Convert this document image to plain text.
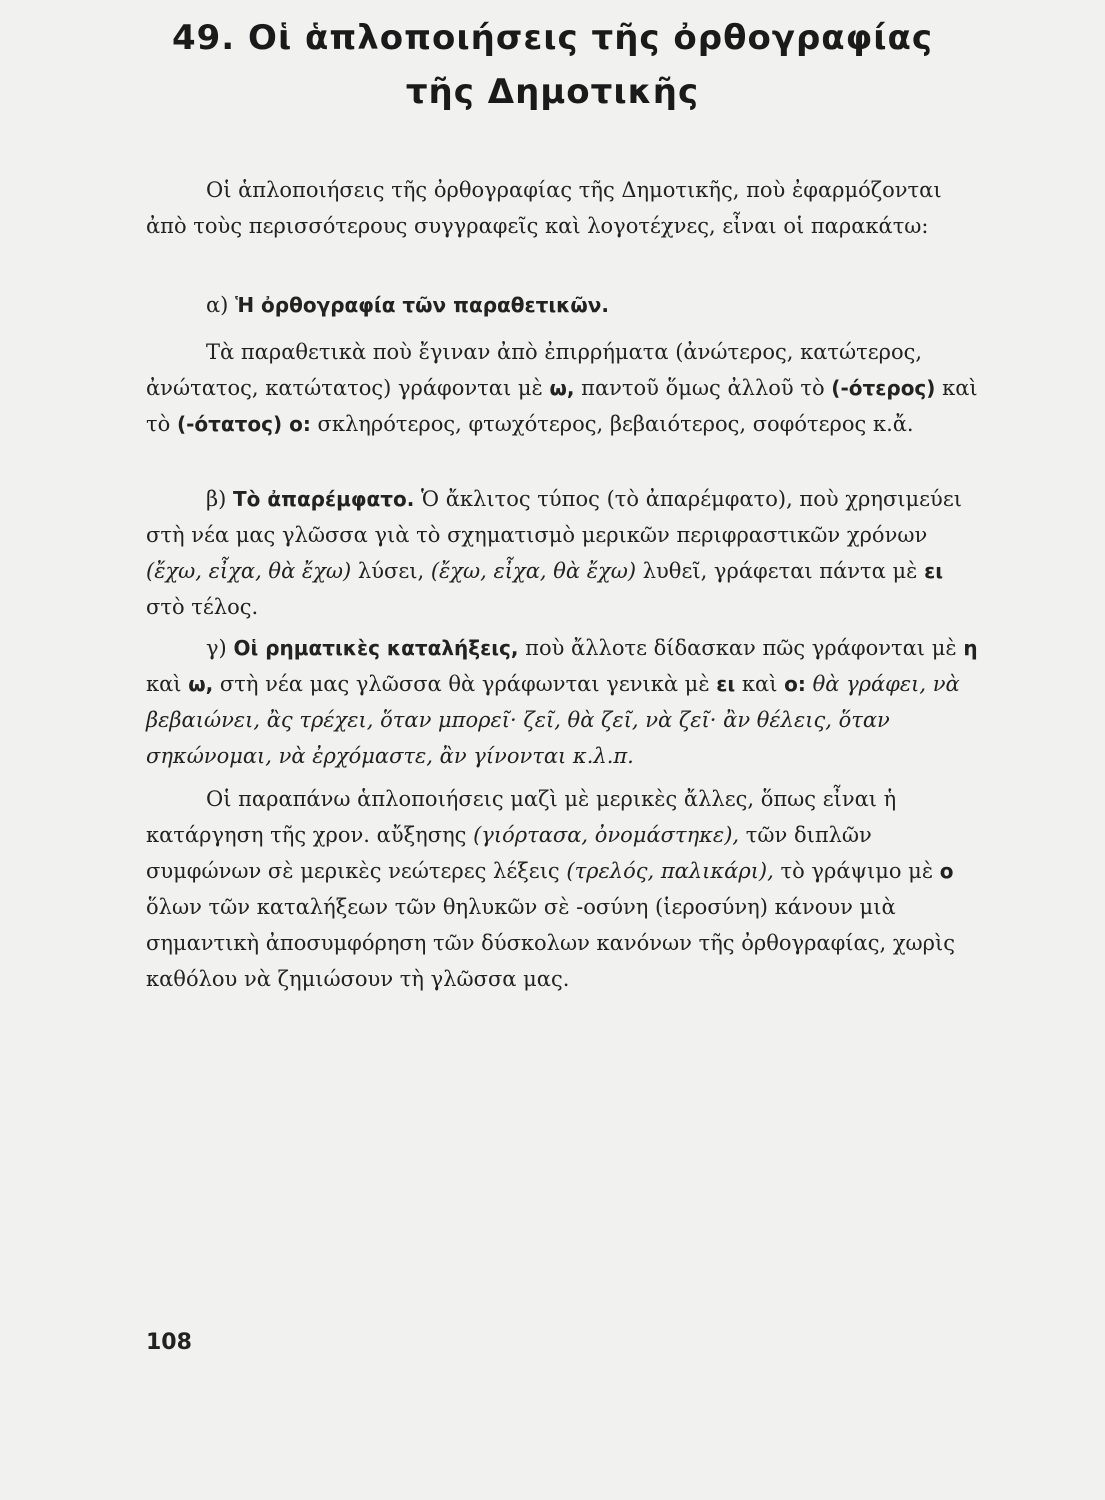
49. Οἱ ἁπλοποιήσεις τῆς ὀρθογραφίας
τῆς Δημοτικῆς

Οἱ ἁπλοποιήσεις τῆς ὀρθογραφίας τῆς Δημοτικῆς, ποὺ ἐφαρμόζονται ἀπὸ τοὺς περισσότερους συγγραφεῖς καὶ λογοτέχνες, εἶναι οἱ παρακάτω:

α) Ἡ ὀρθογραφία τῶν παραθετικῶν.

Τὰ παραθετικὰ ποὺ ἔγιναν ἀπὸ ἐπιρρήματα (ἀνώτερος, κατώτερος, ἀνώτατος, κατώτατος) γράφονται μὲ ω, παντοῦ ὅμως ἀλλοῦ τὸ (-ότερος) καὶ τὸ (-ότατος) ο: σκληρότερος, φτωχότερος, βεβαιότερος, σοφότερος κ.ἄ.

β) Τὸ ἀπαρέμφατο. Ὁ ἄκλιτος τύπος (τὸ ἀπαρέμφατο), ποὺ χρησιμεύει στὴ νέα μας γλῶσσα γιὰ τὸ σχηματισμὸ μερικῶν περιφραστικῶν χρόνων (ἔχω, εἶχα, θὰ ἔχω) λύσει, (ἔχω, εἶχα, θὰ ἔχω) λυθεῖ, γράφεται πάντα μὲ ει στὸ τέλος.

γ) Οἱ ρηματικὲς καταλήξεις, ποὺ ἄλλοτε δίδασκαν πῶς γράφονται μὲ η καὶ ω, στὴ νέα μας γλῶσσα θὰ γράφωνται γενικὰ μὲ ει καὶ ο: θὰ γράφει, νὰ βεβαιώνει, ἂς τρέχει, ὅταν μπορεῖ· ζεῖ, θὰ ζεῖ, νὰ ζεῖ· ἂν θέλεις, ὅταν σηκώνομαι, νὰ ἐρχόμαστε, ἂν γίνονται κ.λ.π.

Οἱ παραπάνω ἁπλοποιήσεις μαζὶ μὲ μερικὲς ἄλλες, ὅπως εἶναι ἡ κατάργηση τῆς χρον. αὔξησης (γιόρτασα, ὀνομάστηκε), τῶν διπλῶν συμφώνων σὲ μερικὲς νεώτερες λέξεις (τρελός, παλικάρι), τὸ γράψιμο μὲ ο ὅλων τῶν καταλήξεων τῶν θηλυκῶν σὲ -οσύνη (ἱεροσύνη) κάνουν μιὰ σημαντικὴ ἀποσυμφόρηση τῶν δύσκολων κανόνων τῆς ὀρθογραφίας, χωρὶς καθόλου νὰ ζημιώσουν τὴ γλῶσσα μας.

108
